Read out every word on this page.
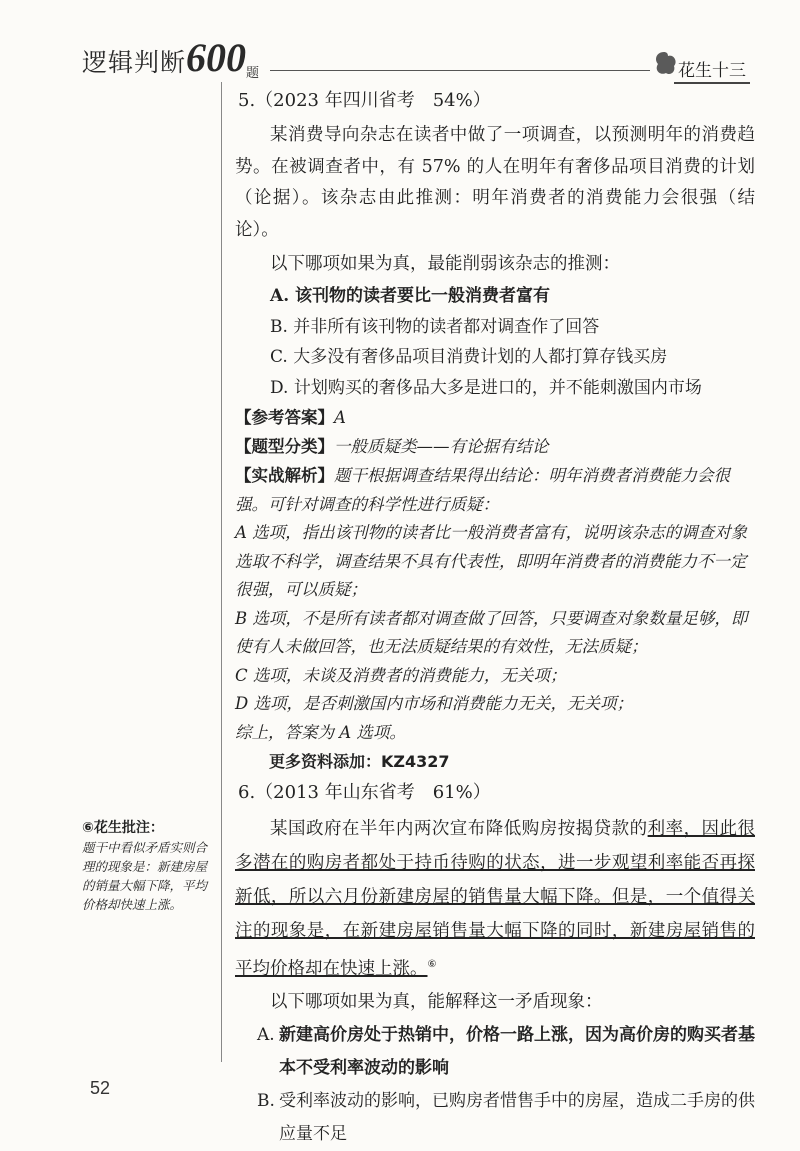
逻辑判断600题	花生十三
5.（2023 年四川省考　54%）

某消费导向杂志在读者中做了一项调查，以预测明年的消费趋势。在被调查者中，有 57% 的人在明年有奢侈品项目消费的计划（论据）。该杂志由此推测：明年消费者的消费能力会很强（结论）。

以下哪项如果为真，最能削弱该杂志的推测：
A. 该刊物的读者要比一般消费者富有
B. 并非所有该刊物的读者都对调查作了回答
C. 大多没有奢侈品项目消费计划的人都打算存钱买房
D. 计划购买的奢侈品大多是进口的，并不能刺激国内市场
【参考答案】A
【题型分类】一般质疑类——有论据有结论
【实战解析】题干根据调查结果得出结论：明年消费者消费能力会很强。可针对调查的科学性进行质疑：

A 选项，指出该刊物的读者比一般消费者富有，说明该杂志的调查对象选取不科学，调查结果不具有代表性，即明年消费者的消费能力不一定很强，可以质疑；

B 选项，不是所有读者都对调查做了回答，只要调查对象数量足够，即使有人未做回答，也无法质疑结果的有效性，无法质疑；

C 选项，未谈及消费者的消费能力，无关项；

D 选项，是否刺激国内市场和消费能力无关，无关项；

综上，答案为 A 选项。

更多资料添加：KZ4327
6.（2013 年山东省考　61%）

某国政府在半年内两次宣布降低购房按揭贷款的利率，因此很多潜在的购房者都处于持币待购的状态，进一步观望利率能否再探新低，所以六月份新建房屋的销售量大幅下降。但是，一个值得关注的现象是，在新建房屋销售量大幅下降的同时，新建房屋销售的平均价格却在快速上涨。⑥

以下哪项如果为真，能解释这一矛盾现象：

A. 新建高价房处于热销中，价格一路上涨，因为高价房的购买者基本不受利率波动的影响

B. 受利率波动的影响，已购房者惜售手中的房屋，造成二手房的供应量不足

⑥花生批注：

题干中看似矛盾实则合理的现象是：新建房屋的销量大幅下降，平均价格却快速上涨。

52
